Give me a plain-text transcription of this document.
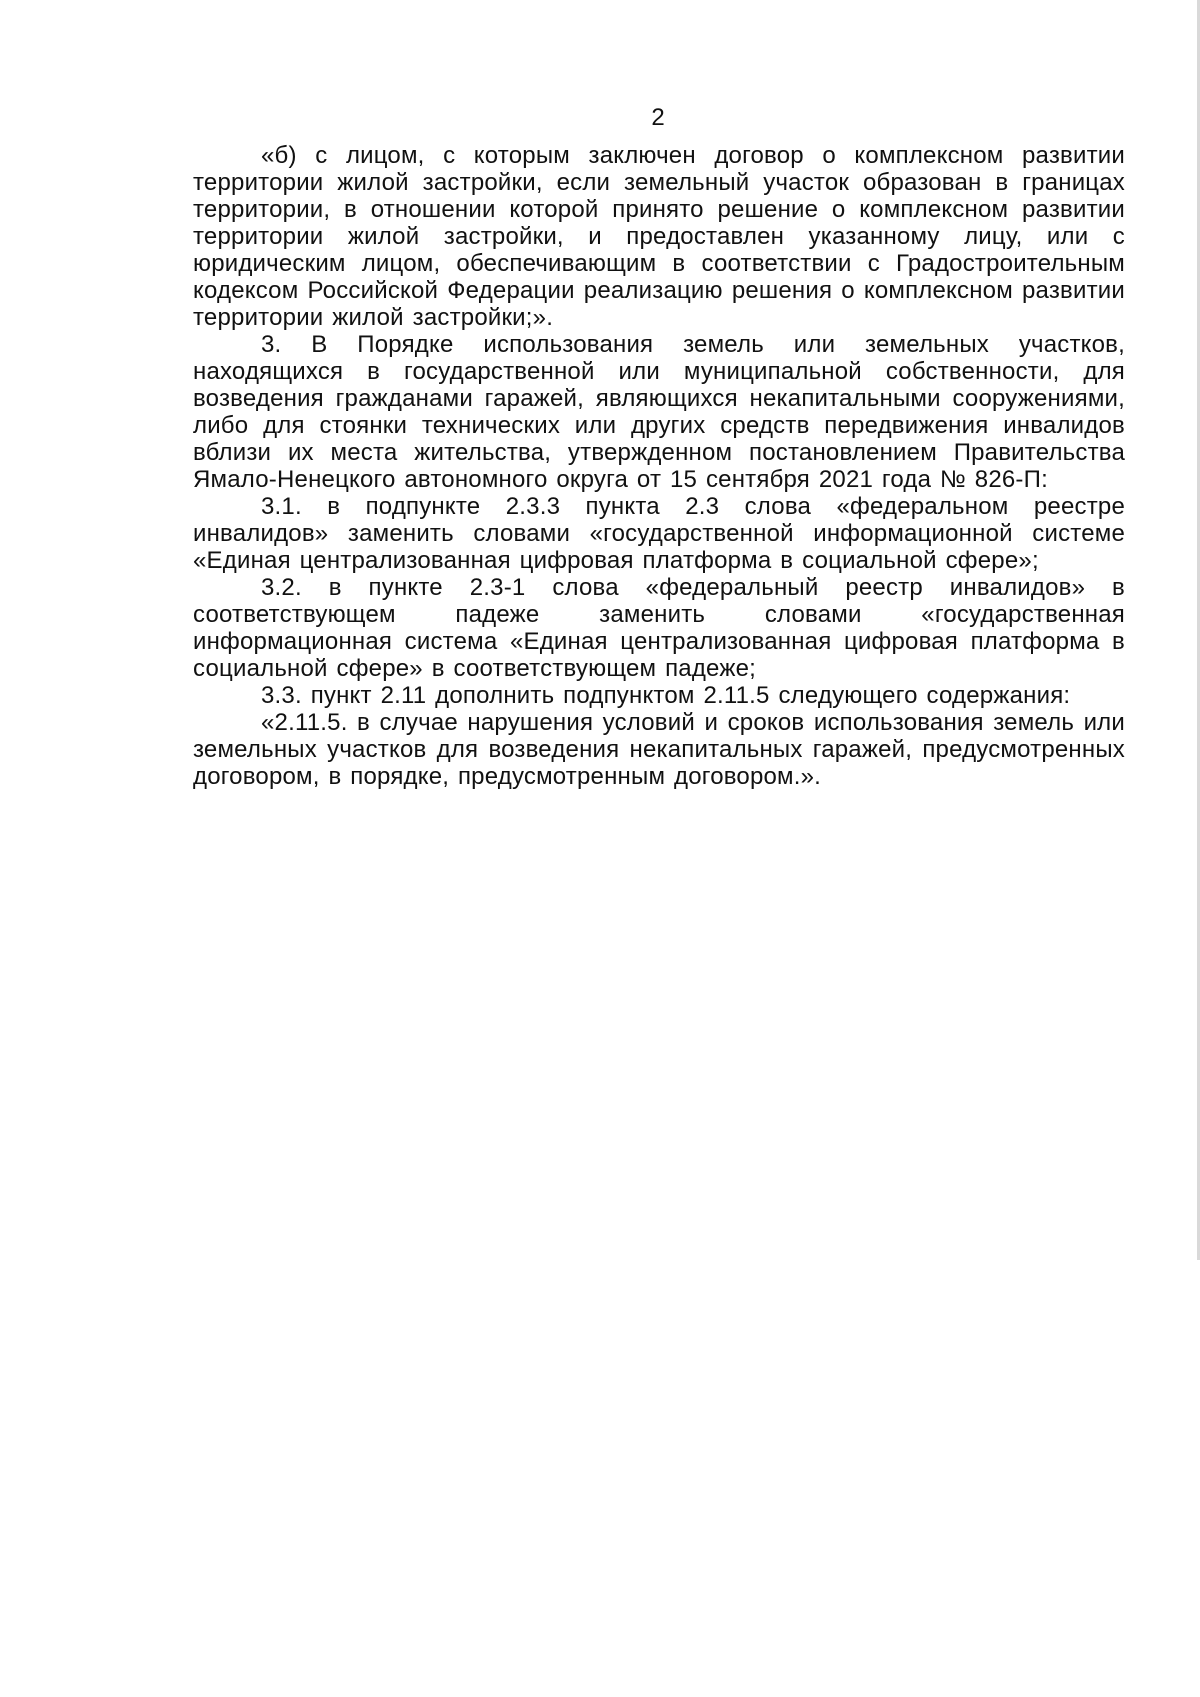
2

«б) с лицом, с которым заключен договор о комплексном развитии территории жилой застройки, если земельный участок образован в границах территории, в отношении которой принято решение о комплексном развитии территории жилой застройки, и предоставлен указанному лицу, или с юридическим лицом, обеспечивающим в соответствии с Градостроительным кодексом Российской Федерации реализацию решения о комплексном развитии территории жилой застройки;».

3. В Порядке использования земель или земельных участков, находящихся в государственной или муниципальной собственности, для возведения гражданами гаражей, являющихся некапитальными сооружениями, либо для стоянки технических или других средств передвижения инвалидов вблизи их места жительства, утвержденном постановлением Правительства Ямало-Ненецкого автономного округа от 15 сентября 2021 года № 826-П:

3.1. в подпункте 2.3.3 пункта 2.3 слова «федеральном реестре инвалидов» заменить словами «государственной информационной системе «Единая централизованная цифровая платформа в социальной сфере»;

3.2. в пункте 2.3-1 слова «федеральный реестр инвалидов» в соответствующем падеже заменить словами «государственная информационная система «Единая централизованная цифровая платформа в социальной сфере» в соответствующем падеже;

3.3. пункт 2.11 дополнить подпунктом 2.11.5 следующего содержания:

«2.11.5. в случае нарушения условий и сроков использования земель или земельных участков для возведения некапитальных гаражей, предусмотренных договором, в порядке, предусмотренным договором.».
